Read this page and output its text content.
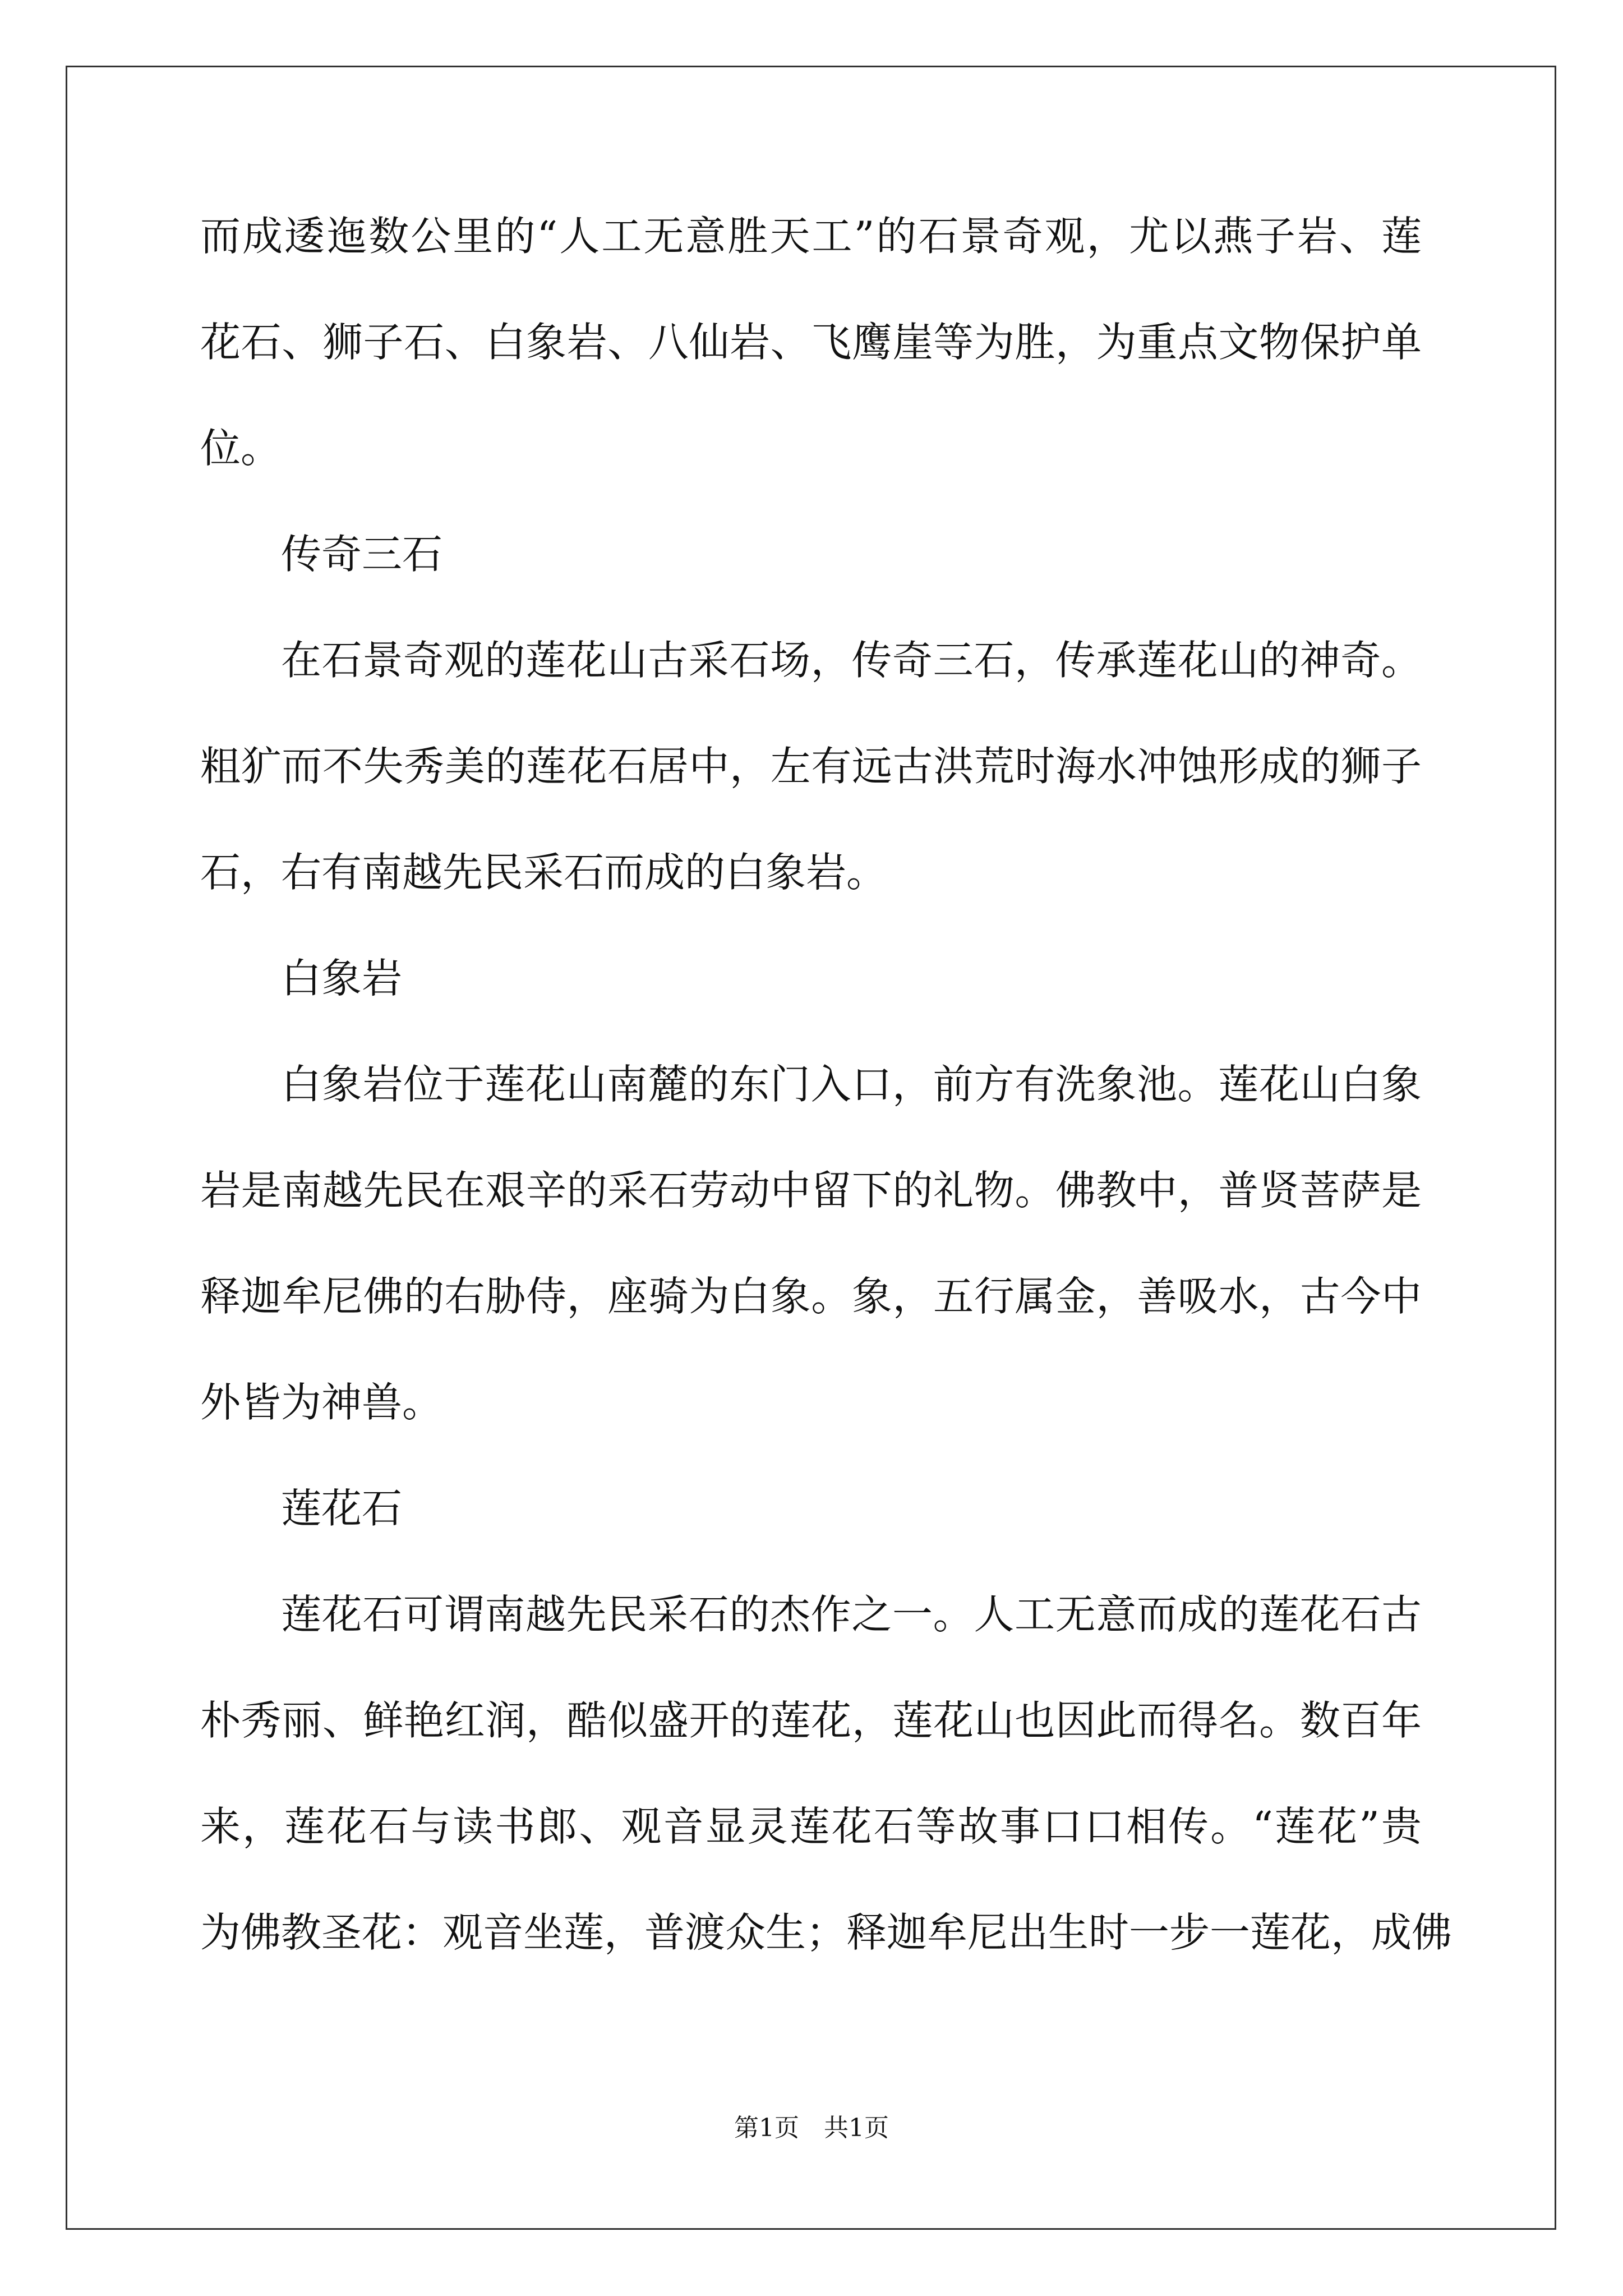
而成逶迤数公里的“人工无意胜天工”的石景奇观，尤以燕子岩、莲
花石、狮子石、白象岩、八仙岩、飞鹰崖等为胜，为重点文物保护单
位。
传奇三石
在石景奇观的莲花山古采石场，传奇三石，传承莲花山的神奇。
粗犷而不失秀美的莲花石居中，左有远古洪荒时海水冲蚀形成的狮子
石，右有南越先民采石而成的白象岩。
白象岩
白象岩位于莲花山南麓的东门入口，前方有洗象池。莲花山白象
岩是南越先民在艰辛的采石劳动中留下的礼物。佛教中，普贤菩萨是
释迦牟尼佛的右胁侍，座骑为白象。象，五行属金，善吸水，古今中
外皆为神兽。
莲花石
莲花石可谓南越先民采石的杰作之一。人工无意而成的莲花石古
朴秀丽、鲜艳红润，酷似盛开的莲花，莲花山也因此而得名。数百年
来，莲花石与读书郎、观音显灵莲花石等故事口口相传。“莲花”贵
为佛教圣花：观音坐莲，普渡众生；释迦牟尼出生时一步一莲花，成佛
第1页 共1页
